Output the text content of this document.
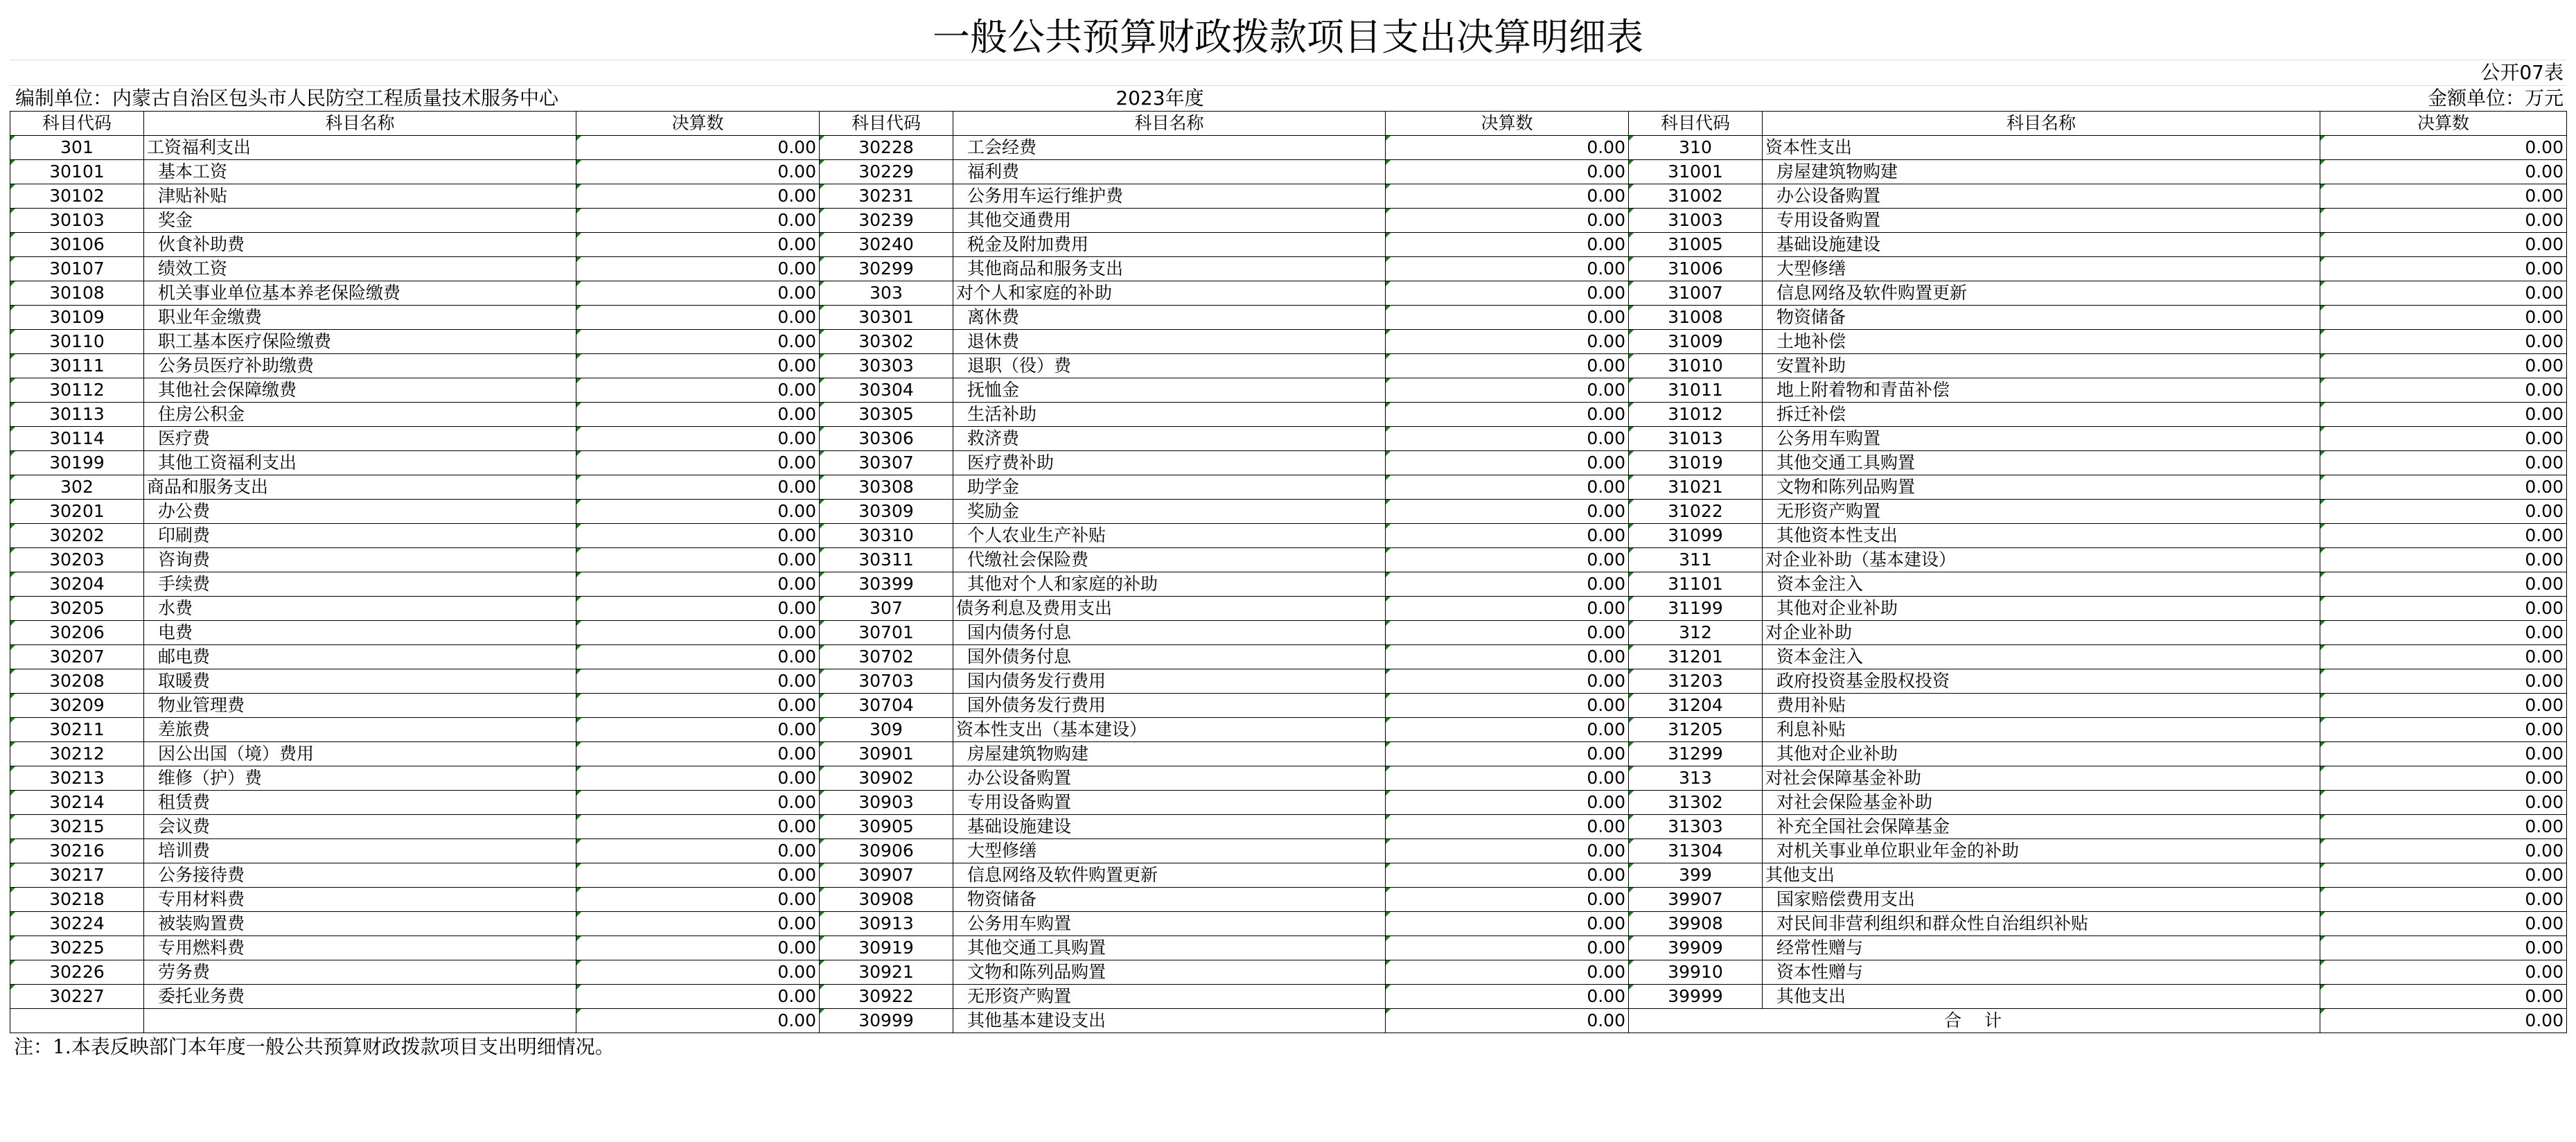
一般公共预算财政拨款项目支出决算明细表
公开07表
编制单位：内蒙古自治区包头市人民防空工程质量技术服务中心	2023年度	金额单位：万元
科目代码	科目名称	决算数	科目代码	科目名称	决算数	科目代码	科目名称	决算数
301	工资福利支出	0.00	30228	工会经费	0.00	310	资本性支出	0.00
30101	基本工资	0.00	30229	福利费	0.00	31001	房屋建筑物购建	0.00
30102	津贴补贴	0.00	30231	公务用车运行维护费	0.00	31002	办公设备购置	0.00
30103	奖金	0.00	30239	其他交通费用	0.00	31003	专用设备购置	0.00
30106	伙食补助费	0.00	30240	税金及附加费用	0.00	31005	基础设施建设	0.00
30107	绩效工资	0.00	30299	其他商品和服务支出	0.00	31006	大型修缮	0.00
30108	机关事业单位基本养老保险缴费	0.00	303	对个人和家庭的补助	0.00	31007	信息网络及软件购置更新	0.00
30109	职业年金缴费	0.00	30301	离休费	0.00	31008	物资储备	0.00
30110	职工基本医疗保险缴费	0.00	30302	退休费	0.00	31009	土地补偿	0.00
30111	公务员医疗补助缴费	0.00	30303	退职（役）费	0.00	31010	安置补助	0.00
30112	其他社会保障缴费	0.00	30304	抚恤金	0.00	31011	地上附着物和青苗补偿	0.00
30113	住房公积金	0.00	30305	生活补助	0.00	31012	拆迁补偿	0.00
30114	医疗费	0.00	30306	救济费	0.00	31013	公务用车购置	0.00
30199	其他工资福利支出	0.00	30307	医疗费补助	0.00	31019	其他交通工具购置	0.00
302	商品和服务支出	0.00	30308	助学金	0.00	31021	文物和陈列品购置	0.00
30201	办公费	0.00	30309	奖励金	0.00	31022	无形资产购置	0.00
30202	印刷费	0.00	30310	个人农业生产补贴	0.00	31099	其他资本性支出	0.00
30203	咨询费	0.00	30311	代缴社会保险费	0.00	311	对企业补助（基本建设）	0.00
30204	手续费	0.00	30399	其他对个人和家庭的补助	0.00	31101	资本金注入	0.00
30205	水费	0.00	307	债务利息及费用支出	0.00	31199	其他对企业补助	0.00
30206	电费	0.00	30701	国内债务付息	0.00	312	对企业补助	0.00
30207	邮电费	0.00	30702	国外债务付息	0.00	31201	资本金注入	0.00
30208	取暖费	0.00	30703	国内债务发行费用	0.00	31203	政府投资基金股权投资	0.00
30209	物业管理费	0.00	30704	国外债务发行费用	0.00	31204	费用补贴	0.00
30211	差旅费	0.00	309	资本性支出（基本建设）	0.00	31205	利息补贴	0.00
30212	因公出国（境）费用	0.00	30901	房屋建筑物购建	0.00	31299	其他对企业补助	0.00
30213	维修（护）费	0.00	30902	办公设备购置	0.00	313	对社会保障基金补助	0.00
30214	租赁费	0.00	30903	专用设备购置	0.00	31302	对社会保险基金补助	0.00
30215	会议费	0.00	30905	基础设施建设	0.00	31303	补充全国社会保障基金	0.00
30216	培训费	0.00	30906	大型修缮	0.00	31304	对机关事业单位职业年金的补助	0.00
30217	公务接待费	0.00	30907	信息网络及软件购置更新	0.00	399	其他支出	0.00
30218	专用材料费	0.00	30908	物资储备	0.00	39907	国家赔偿费用支出	0.00
30224	被装购置费	0.00	30913	公务用车购置	0.00	39908	对民间非营利组织和群众性自治组织补贴	0.00
30225	专用燃料费	0.00	30919	其他交通工具购置	0.00	39909	经常性赠与	0.00
30226	劳务费	0.00	30921	文物和陈列品购置	0.00	39910	资本性赠与	0.00
30227	委托业务费	0.00	30922	无形资产购置	0.00	39999	其他支出	0.00
		0.00	30999	其他基本建设支出	0.00	合　计		0.00
注：1.本表反映部门本年度一般公共预算财政拨款项目支出明细情况。
